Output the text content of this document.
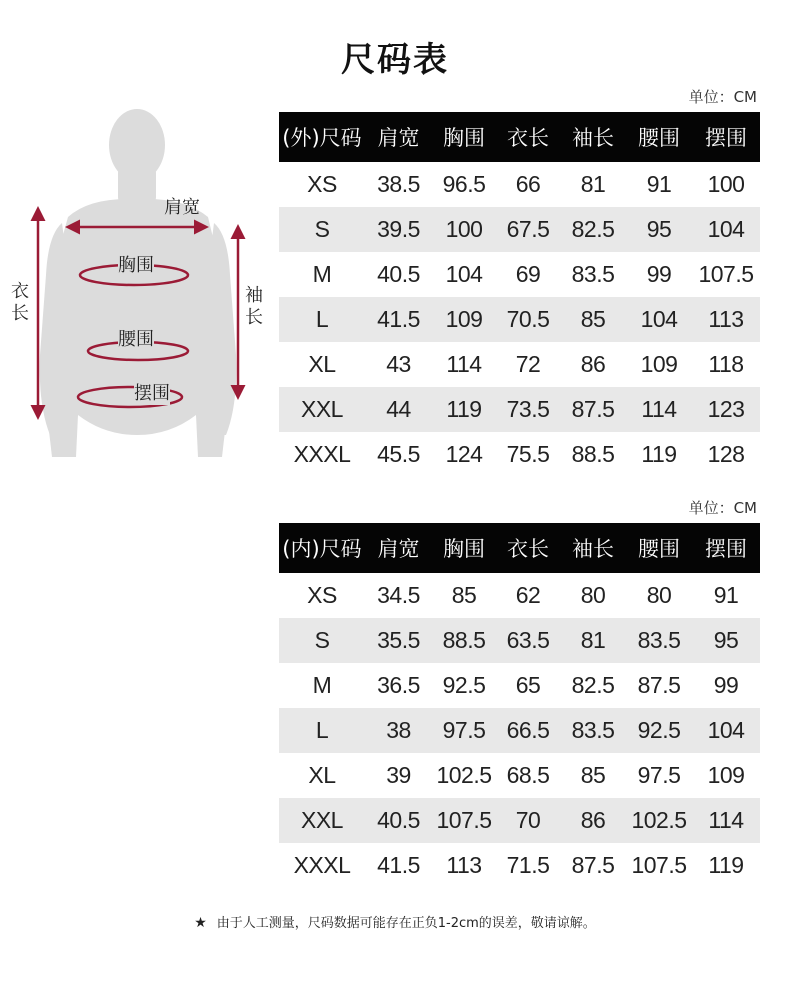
尺码表
肩宽
胸围
腰围
摆围
衣长
袖长
单位：CM
(外)尺码	肩宽	胸围	衣长	袖长	腰围	摆围
XS	38.5	96.5	66	81	91	100
S	39.5	100	67.5	82.5	95	104
M	40.5	104	69	83.5	99	107.5
L	41.5	109	70.5	85	104	113
XL	43	114	72	86	109	118
XXL	44	119	73.5	87.5	114	123
XXXL	45.5	124	75.5	88.5	119	128
单位：CM
(内)尺码	肩宽	胸围	衣长	袖长	腰围	摆围
XS	34.5	85	62	80	80	91
S	35.5	88.5	63.5	81	83.5	95
M	36.5	92.5	65	82.5	87.5	99
L	38	97.5	66.5	83.5	92.5	104
XL	39	102.5	68.5	85	97.5	109
XXL	40.5	107.5	70	86	102.5	114
XXXL	41.5	113	71.5	87.5	107.5	119
★ 由于人工测量，尺码数据可能存在正负1-2cm的误差，敬请谅解。
